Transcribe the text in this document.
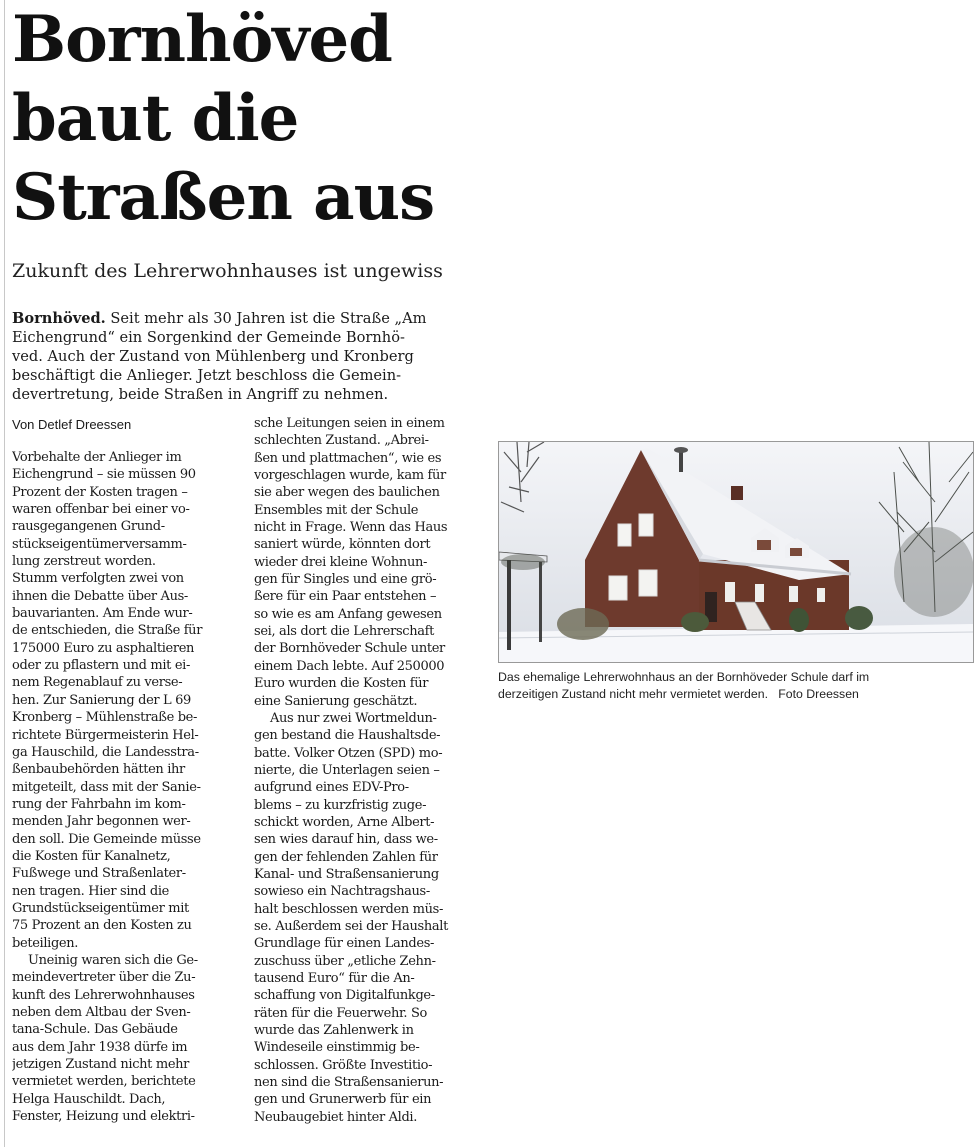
Bornhöved
baut die
Straßen aus
Zukunft des Lehrerwohnhauses ist ungewiss
Bornhöved. Seit mehr als 30 Jahren ist die Straße „Am
Eichengrund“ ein Sorgenkind der Gemeinde Bornhö-
ved. Auch der Zustand von Mühlenberg und Kronberg
beschäftigt die Anlieger. Jetzt beschloss die Gemein-
devertretung, beide Straßen in Angriff zu nehmen.
Von Detlef Dreessen
Vorbehalte der Anlieger im
Eichengrund – sie müssen 90
Prozent der Kosten tragen –
waren offenbar bei einer vo-
rausgegangenen Grund-
stückseigentümerversamm-
lung zerstreut worden.
Stumm verfolgten zwei von
ihnen die Debatte über Aus-
bauvarianten. Am Ende wur-
de entschieden, die Straße für
175000 Euro zu asphaltieren
oder zu pflastern und mit ei-
nem Regenablauf zu verse-
hen. Zur Sanierung der L 69
Kronberg – Mühlenstraße be-
richtete Bürgermeisterin Hel-
ga Hauschild, die Landesstra-
ßenbaubehörden hätten ihr
mitgeteilt, dass mit der Sanie-
rung der Fahrbahn im kom-
menden Jahr begonnen wer-
den soll. Die Gemeinde müsse
die Kosten für Kanalnetz,
Fußwege und Straßenlater-
nen tragen. Hier sind die
Grundstückseigentümer mit
75 Prozent an den Kosten zu
beteiligen.
Uneinig waren sich die Ge-
meindevertreter über die Zu-
kunft des Lehrerwohnhauses
neben dem Altbau der Sven-
tana-Schule. Das Gebäude
aus dem Jahr 1938 dürfe im
jetzigen Zustand nicht mehr
vermietet werden, berichtete
Helga Hauschildt. Dach,
Fenster, Heizung und elektri-
sche Leitungen seien in einem
schlechten Zustand. „Abrei-
ßen und plattmachen“, wie es
vorgeschlagen wurde, kam für
sie aber wegen des baulichen
Ensembles mit der Schule
nicht in Frage. Wenn das Haus
saniert würde, könnten dort
wieder drei kleine Wohnun-
gen für Singles und eine grö-
ßere für ein Paar entstehen –
so wie es am Anfang gewesen
sei, als dort die Lehrerschaft
der Bornhöveder Schule unter
einem Dach lebte. Auf 250000
Euro wurden die Kosten für
eine Sanierung geschätzt.
Aus nur zwei Wortmeldun-
gen bestand die Haushaltsde-
batte. Volker Otzen (SPD) mo-
nierte, die Unterlagen seien –
aufgrund eines EDV-Pro-
blems – zu kurzfristig zuge-
schickt worden, Arne Albert-
sen wies darauf hin, dass we-
gen der fehlenden Zahlen für
Kanal- und Straßensanierung
sowieso ein Nachtragshaus-
halt beschlossen werden müs-
se. Außerdem sei der Haushalt
Grundlage für einen Landes-
zuschuss über „etliche Zehn-
tausend Euro“ für die An-
schaffung von Digitalfunkge-
räten für die Feuerwehr. So
wurde das Zahlenwerk in
Windeseile einstimmig be-
schlossen. Größte Investitio-
nen sind die Straßensanierun-
gen und Grunerwerb für ein
Neubaugebiet hinter Aldi.
Das ehemalige Lehrerwohnhaus an der Bornhöveder Schule darf im
derzeitigen Zustand nicht mehr vermietet werden. Foto Dreessen
